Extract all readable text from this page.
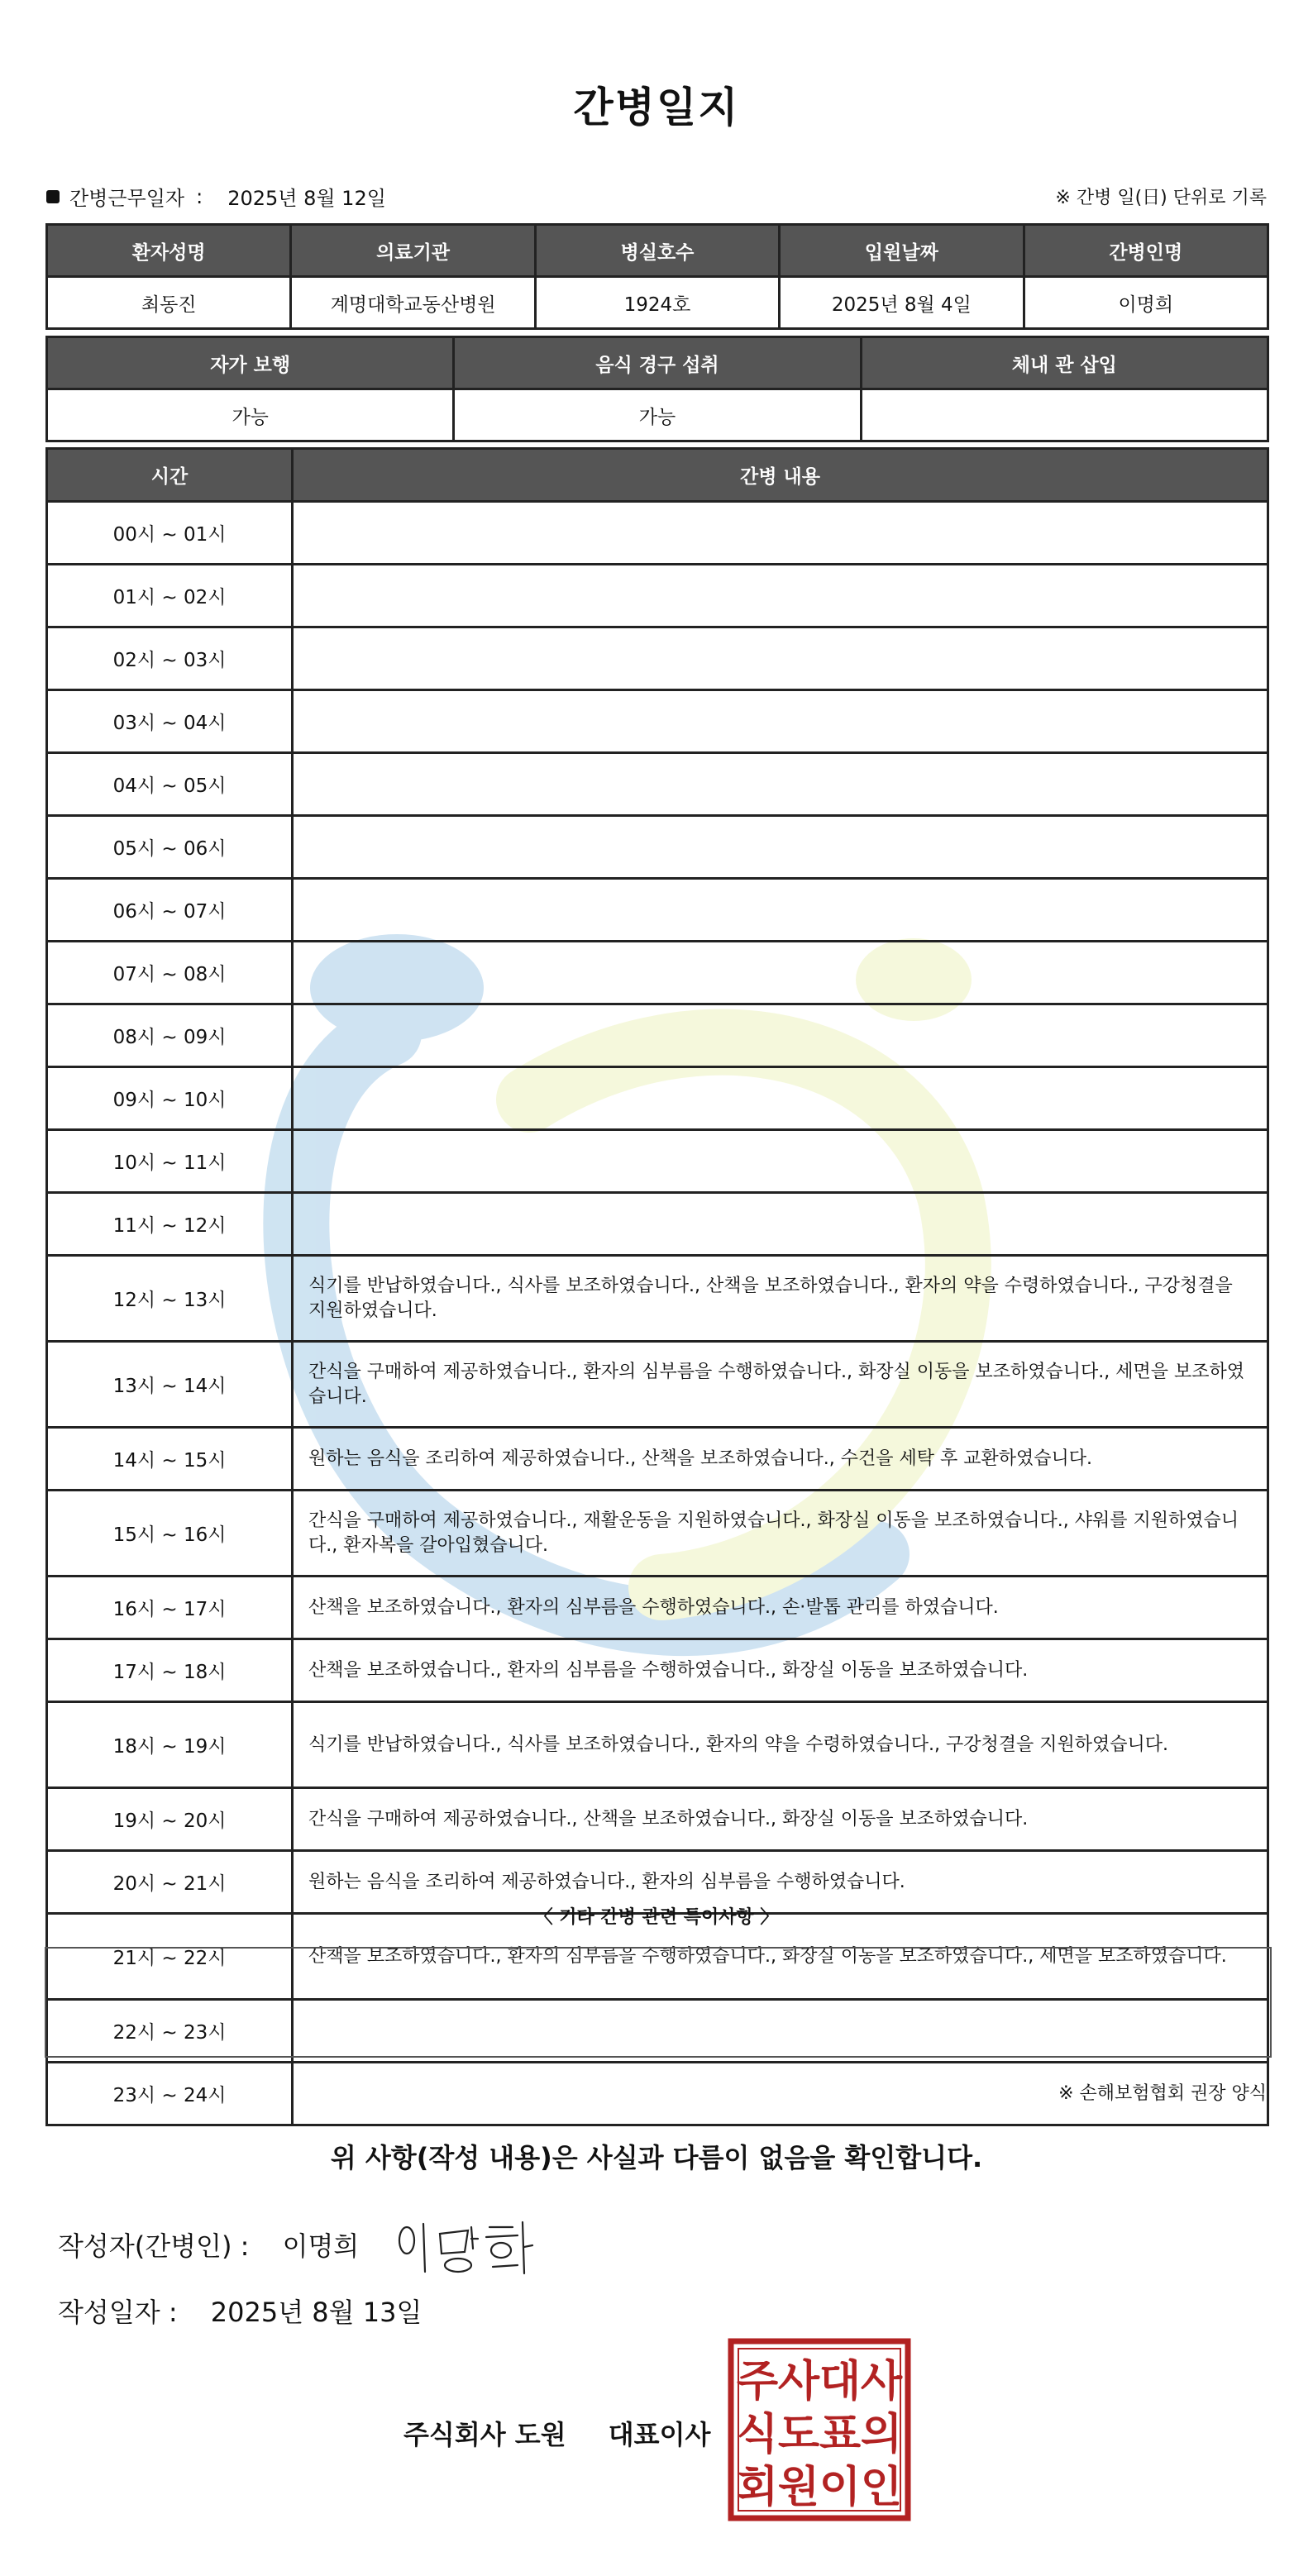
간병일지
간병근무일자 : 2025년 8월 12일	※ 간병 일(日) 단위로 기록
환자성명	의료기관	병실호수	입원날짜	간병인명
최동진	계명대학교동산병원	1924호	2025년 8월 4일	이명희
자가 보행	음식 경구 섭취	체내 관 삽입
가능	가능	
시간	간병 내용
00시 ~ 01시	
01시 ~ 02시	
02시 ~ 03시	
03시 ~ 04시	
04시 ~ 05시	
05시 ~ 06시	
06시 ~ 07시	
07시 ~ 08시	
08시 ~ 09시	
09시 ~ 10시	
10시 ~ 11시	
11시 ~ 12시	
12시 ~ 13시	식기를 반납하였습니다., 식사를 보조하였습니다., 산책을 보조하였습니다., 환자의 약을 수령하였습니다., 구강청결을 지원하였습니다.
13시 ~ 14시	간식을 구매하여 제공하였습니다., 환자의 심부름을 수행하였습니다., 화장실 이동을 보조하였습니다., 세면을 보조하였습니다.
14시 ~ 15시	원하는 음식을 조리하여 제공하였습니다., 산책을 보조하였습니다., 수건을 세탁 후 교환하였습니다.
15시 ~ 16시	간식을 구매하여 제공하였습니다., 재활운동을 지원하였습니다., 화장실 이동을 보조하였습니다., 샤워를 지원하였습니다., 환자복을 갈아입혔습니다.
16시 ~ 17시	산책을 보조하였습니다., 환자의 심부름을 수행하였습니다., 손·발톱 관리를 하였습니다.
17시 ~ 18시	산책을 보조하였습니다., 환자의 심부름을 수행하였습니다., 화장실 이동을 보조하였습니다.
18시 ~ 19시	식기를 반납하였습니다., 식사를 보조하였습니다., 환자의 약을 수령하였습니다., 구강청결을 지원하였습니다.
19시 ~ 20시	간식을 구매하여 제공하였습니다., 산책을 보조하였습니다., 화장실 이동을 보조하였습니다.
20시 ~ 21시	원하는 음식을 조리하여 제공하였습니다., 환자의 심부름을 수행하였습니다.
21시 ~ 22시	산책을 보조하였습니다., 환자의 심부름을 수행하였습니다., 화장실 이동을 보조하였습니다., 세면을 보조하였습니다.
22시 ~ 23시	
23시 ~ 24시	
〈 기타 간병 관련 특이사항 〉
※ 손해보험협회 권장 양식
위 사항(작성 내용)은 사실과 다름이 없음을 확인합니다.
작성자(간병인) : 이명희
작성일자 : 2025년 8월 13일
주식회사 도원 대표이사
주
식
회
사
도
원
대
표
이
사
의
인
